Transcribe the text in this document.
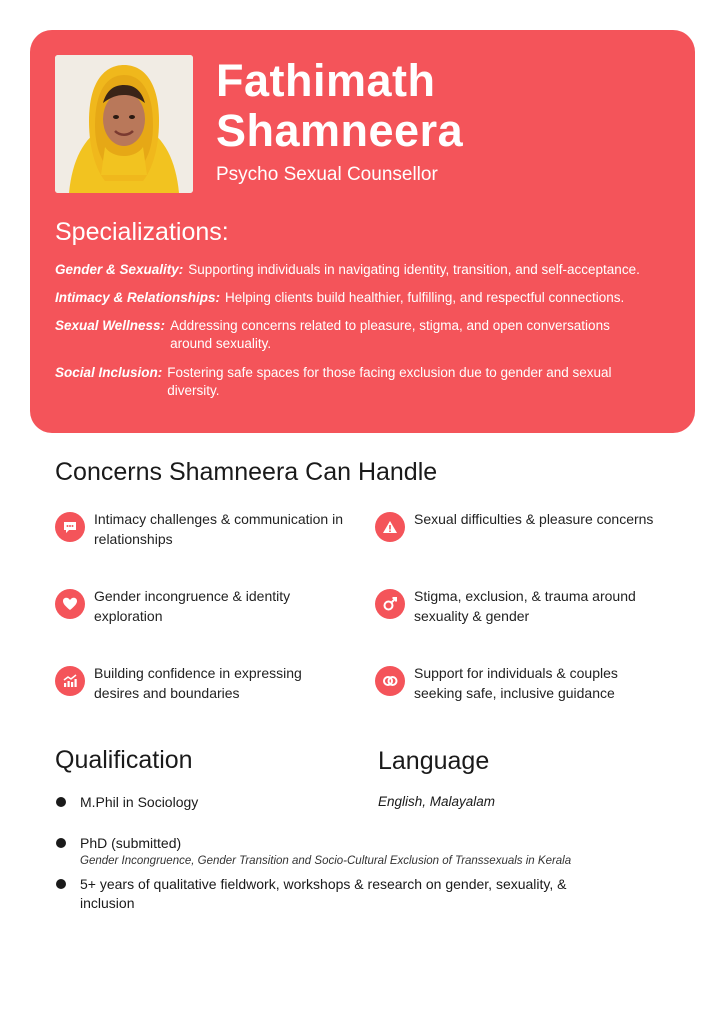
Fathimath
Shamneera

Psycho Sexual Counsellor

Specializations:
Gender & Sexuality: Supporting individuals in navigating identity, transition, and self-acceptance.
Intimacy & Relationships: Helping clients build healthier, fulfilling, and respectful connections.
Sexual Wellness: Addressing concerns related to pleasure, stigma, and open conversations around sexuality.
Social Inclusion: Fostering safe spaces for those facing exclusion due to gender and sexual diversity.
Concerns Shamneera Can Handle
Intimacy challenges & communication in relationships
Sexual difficulties & pleasure concerns
Gender incongruence & identity exploration
Stigma, exclusion, & trauma around sexuality & gender
Building confidence in expressing desires and boundaries
Support for individuals & couples seeking safe, inclusive guidance
Qualification	Language
M.Phil in Sociology
PhD (submitted)
Gender Incongruence, Gender Transition and Socio-Cultural Exclusion of Transsexuals in Kerala
5+ years of qualitative fieldwork, workshops & research on gender, sexuality, & inclusion

English, Malayalam
